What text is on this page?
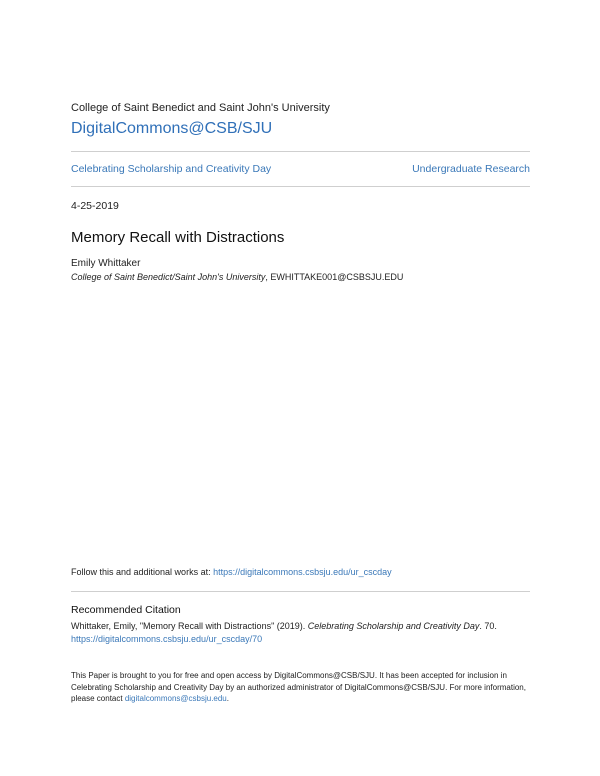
College of Saint Benedict and Saint John's University
DigitalCommons@CSB/SJU
Celebrating Scholarship and Creativity Day	Undergraduate Research
4-25-2019
Memory Recall with Distractions
Emily Whittaker
College of Saint Benedict/Saint John's University, EWHITTAKE001@CSBSJU.EDU
Follow this and additional works at: https://digitalcommons.csbsju.edu/ur_cscday
Recommended Citation
Whittaker, Emily, "Memory Recall with Distractions" (2019). Celebrating Scholarship and Creativity Day. 70.
https://digitalcommons.csbsju.edu/ur_cscday/70
This Paper is brought to you for free and open access by DigitalCommons@CSB/SJU. It has been accepted for inclusion in Celebrating Scholarship and Creativity Day by an authorized administrator of DigitalCommons@CSB/SJU. For more information, please contact digitalcommons@csbsju.edu.
